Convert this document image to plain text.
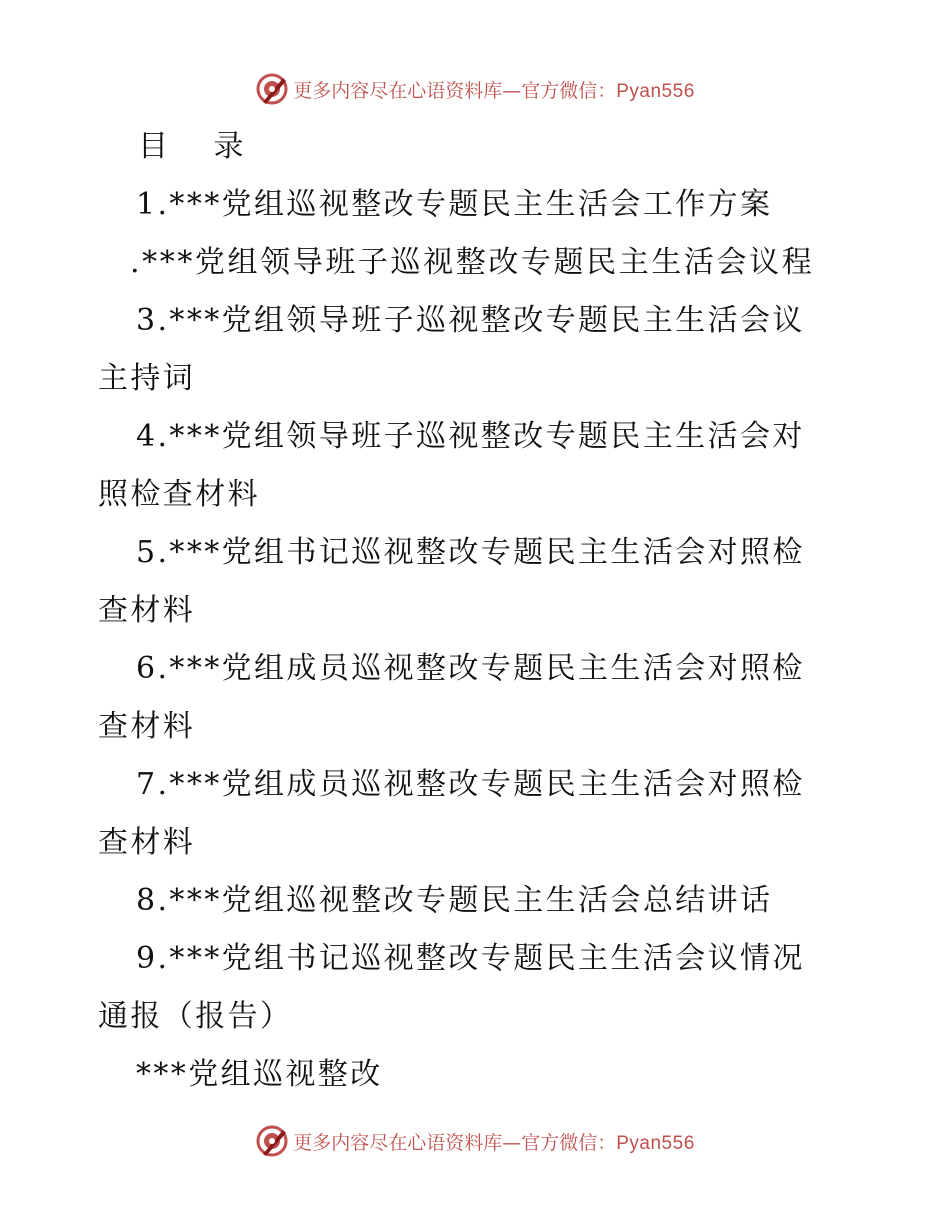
更多内容尽在心语资料库—官方微信：Pyan556
目 录
1.***党组巡视整改专题民主生活会工作方案
.***党组领导班子巡视整改专题民主生活会议程
3.***党组领导班子巡视整改专题民主生活会议
主持词
4.***党组领导班子巡视整改专题民主生活会对
照检查材料
5.***党组书记巡视整改专题民主生活会对照检
查材料
6.***党组成员巡视整改专题民主生活会对照检
查材料
7.***党组成员巡视整改专题民主生活会对照检
查材料
8.***党组巡视整改专题民主生活会总结讲话
9.***党组书记巡视整改专题民主生活会议情况
通报（报告）
***党组巡视整改
更多内容尽在心语资料库—官方微信：Pyan556
